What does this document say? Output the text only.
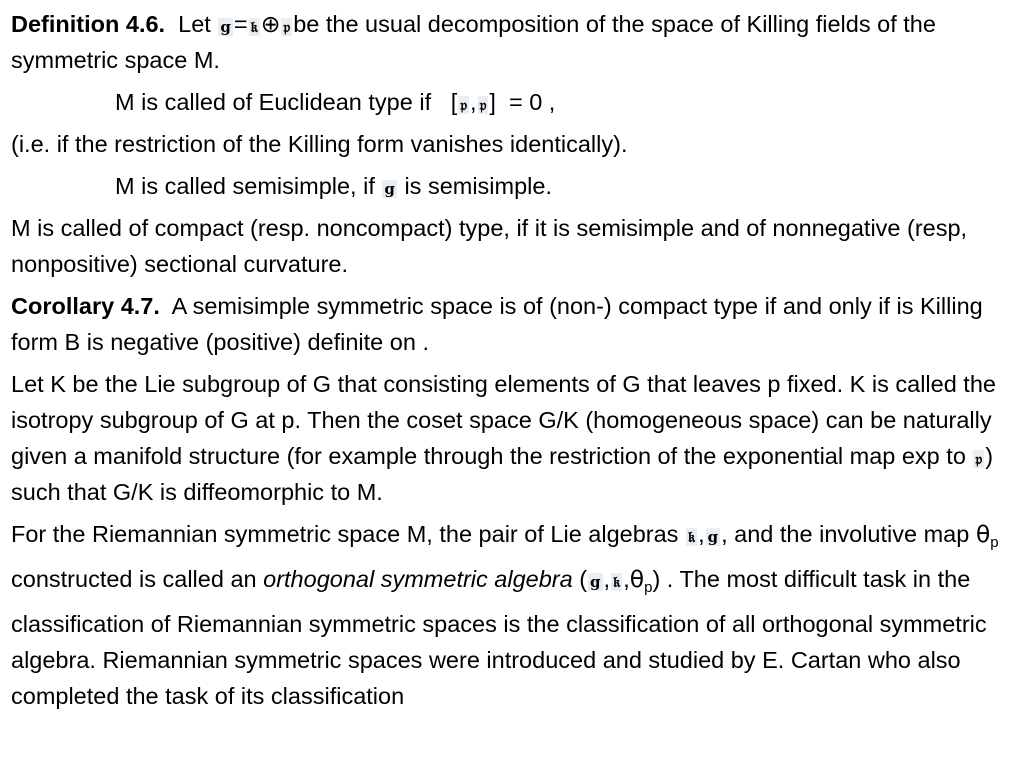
Definition 4.6. Let g = 𝔨 ⊕ 𝔭 be the usual decomposition of the space of Killing fields of the symmetric space M.

M is called of Euclidean type if [ 𝔭 , 𝔭 ] = 0 ,

(i.e. if the restriction of the Killing form vanishes identically).

M is called semisimple, if g is semisimple.

M is called of compact (resp. noncompact) type, if it is semisimple and of nonnegative (resp, nonpositive) sectional curvature.

Corollary 4.7. A semisimple symmetric space is of (non-) compact type if and only if is Killing form B is negative (positive) definite on .

Let K be the Lie subgroup of G that consisting elements of G that leaves p fixed. K is called the isotropy subgroup of G at p. Then the coset space G/K (homogeneous space) can be naturally given a manifold structure (for example through the restriction of the exponential map exp to 𝔭 ) such that G/K is diffeomorphic to M.

For the Riemannian symmetric space M, the pair of Lie algebras 𝔨 , g , and the involutive map $\theta_p$ constructed is called an orthogonal symmetric algebra ( g , 𝔨 $,\theta_p$) . The most difficult task in the classification of Riemannian symmetric spaces is the classification of all orthogonal symmetric algebra. Riemannian symmetric spaces were introduced and studied by E. Cartan who also completed the task of its classification
